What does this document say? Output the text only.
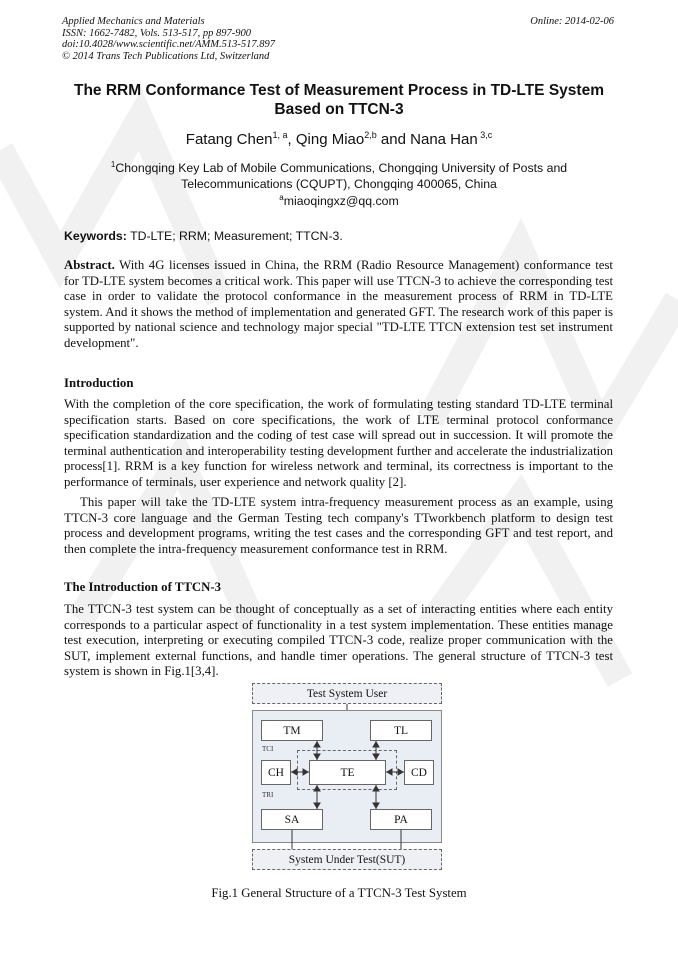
Applied Mechanics and Materials
ISSN: 1662-7482, Vols. 513-517, pp 897-900
doi:10.4028/www.scientific.net/AMM.513-517.897
© 2014 Trans Tech Publications Ltd, Switzerland
Online: 2014-02-06
The RRM Conformance Test of Measurement Process in TD-LTE System Based on TTCN-3
Fatang Chen$^{1, a}$, Qing Miao$^{2,b}$ and Nana Han $^{3,c}$
$^1$Chongqing Key Lab of Mobile Communications, Chongqing University of Posts and Telecommunications (CQUPT), Chongqing 400065, China
$^a$miaoqingxz@qq.com
Keywords: TD-LTE; RRM; Measurement; TTCN-3.
Abstract. With 4G licenses issued in China, the RRM (Radio Resource Management) conformance test for TD-LTE system becomes a critical work. This paper will use TTCN-3 to achieve the corresponding test case in order to validate the protocol conformance in the measurement process of RRM in TD-LTE system. And it shows the method of implementation and generated GFT. The research work of this paper is supported by national science and technology major special "TD-LTE TTCN extension test set instrument development".
Introduction
With the completion of the core specification, the work of formulating testing standard TD-LTE terminal specification starts. Based on core specifications, the work of LTE terminal protocol conformance specification standardization and the coding of test case will spread out in succession. It will promote the terminal authentication and interoperability testing development further and accelerate the industrialization process[1]. RRM is a key function for wireless network and terminal, its correctness is important to the performance of terminals, user experience and network quality [2].
This paper will take the TD-LTE system intra-frequency measurement process as an example, using TTCN-3 core language and the German Testing tech company's TTworkbench platform to design test process and development programs, writing the test cases and the corresponding GFT and test report, and then complete the intra-frequency measurement conformance test in RRM.
The Introduction of TTCN-3
The TTCN-3 test system can be thought of conceptually as a set of interacting entities where each entity corresponds to a particular aspect of functionality in a test system implementation. These entities manage test execution, interpreting or executing compiled TTCN-3 code, realize proper communication with the SUT, implement external functions, and handle timer operations. The general structure of TTCN-3 test system is shown in Fig.1[3,4].
Test System User
TM	TL
TCI
CH	TE	CD
TRI
SA	PA
System Under Test(SUT)
Fig.1 General Structure of a TTCN-3 Test System
